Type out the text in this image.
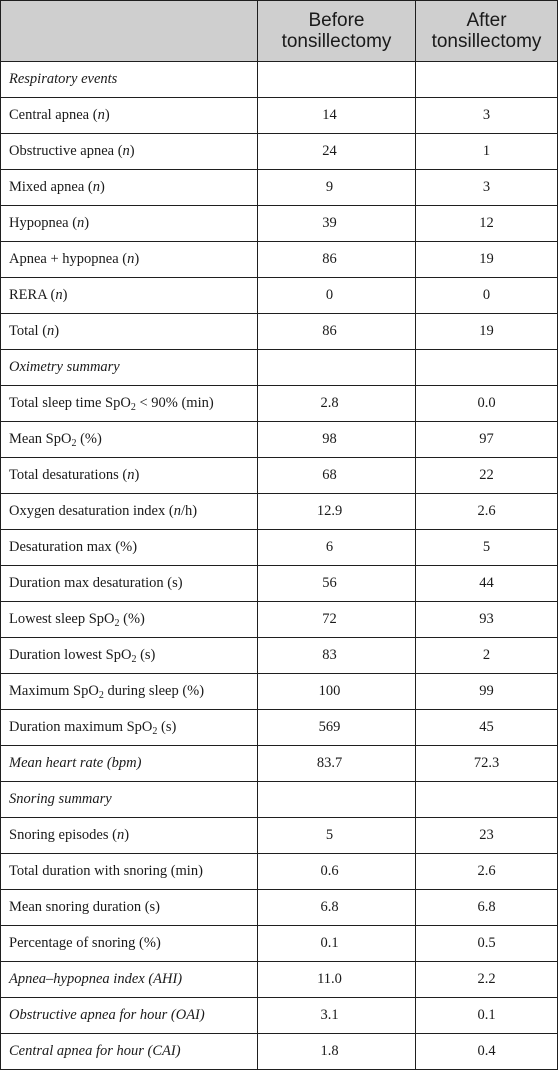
	Before tonsillectomy	After tonsillectomy
Respiratory events		
Central apnea (n)	14	3
Obstructive apnea (n)	24	1
Mixed apnea (n)	9	3
Hypopnea (n)	39	12
Apnea + hypopnea (n)	86	19
RERA (n)	0	0
Total (n)	86	19
Oximetry summary		
Total sleep time SpO$_2$ < 90% (min)	2.8	0.0
Mean SpO$_2$ (%)	98	97
Total desaturations (n)	68	22
Oxygen desaturation index (n/h)	12.9	2.6
Desaturation max (%)	6	5
Duration max desaturation (s)	56	44
Lowest sleep SpO$_2$ (%)	72	93
Duration lowest SpO$_2$ (s)	83	2
Maximum SpO$_2$ during sleep (%)	100	99
Duration maximum SpO$_2$ (s)	569	45
Mean heart rate (bpm)	83.7	72.3
Snoring summary		
Snoring episodes (n)	5	23
Total duration with snoring (min)	0.6	2.6
Mean snoring duration (s)	6.8	6.8
Percentage of snoring (%)	0.1	0.5
Apnea–hypopnea index (AHI)	11.0	2.2
Obstructive apnea for hour (OAI)	3.1	0.1
Central apnea for hour (CAI)	1.8	0.4
